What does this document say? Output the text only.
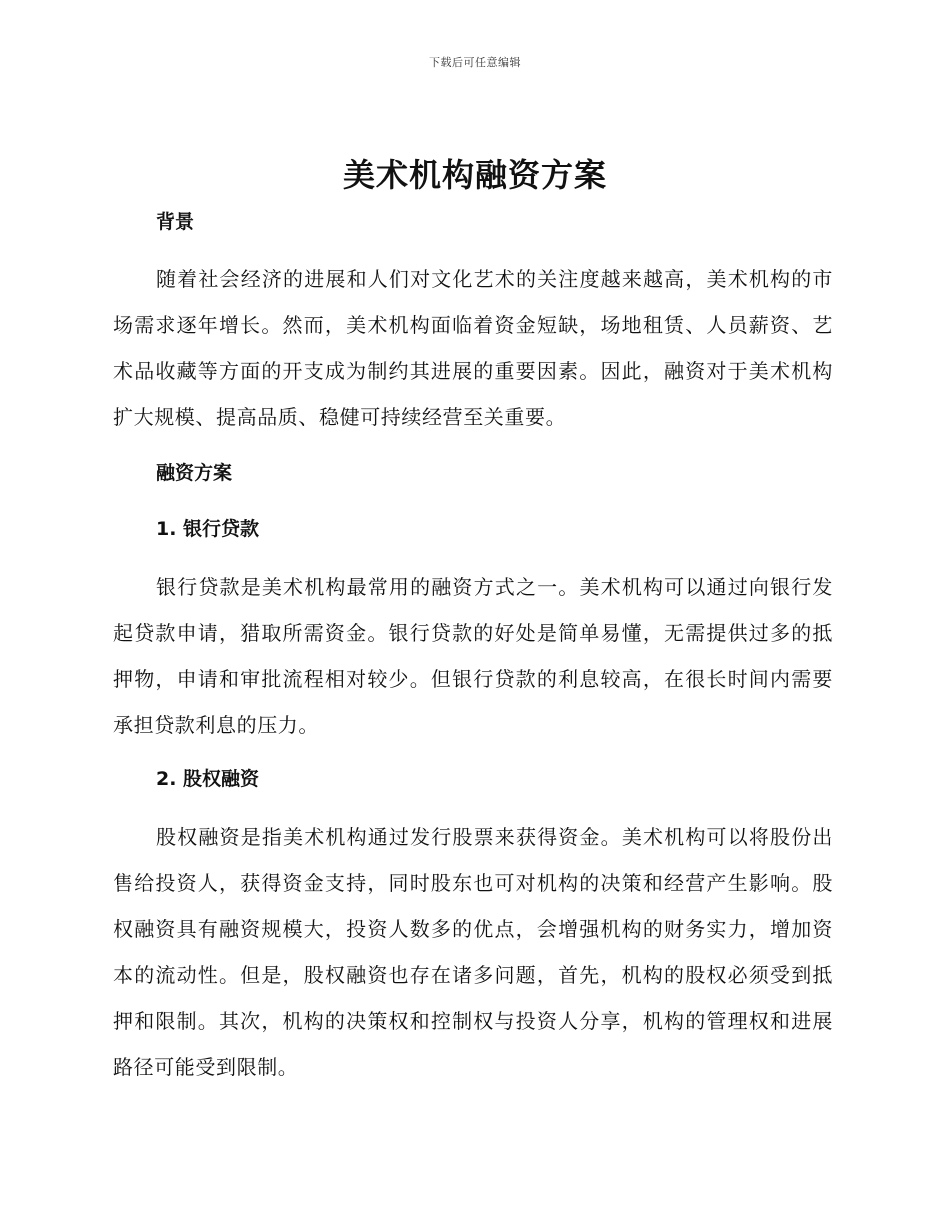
下载后可任意编辑
美术机构融资方案
背景
随着社会经济的进展和人们对文化艺术的关注度越来越高，美术机构的市场需求逐年增长。然而，美术机构面临着资金短缺，场地租赁、人员薪资、艺术品收藏等方面的开支成为制约其进展的重要因素。因此，融资对于美术机构扩大规模、提高品质、稳健可持续经营至关重要。
融资方案
1. 银行贷款
银行贷款是美术机构最常用的融资方式之一。美术机构可以通过向银行发起贷款申请，猎取所需资金。银行贷款的好处是简单易懂，无需提供过多的抵押物，申请和审批流程相对较少。但银行贷款的利息较高，在很长时间内需要承担贷款利息的压力。
2. 股权融资
股权融资是指美术机构通过发行股票来获得资金。美术机构可以将股份出售给投资人，获得资金支持，同时股东也可对机构的决策和经营产生影响。股权融资具有融资规模大，投资人数多的优点，会增强机构的财务实力，增加资本的流动性。但是，股权融资也存在诸多问题，首先，机构的股权必须受到抵押和限制。其次，机构的决策权和控制权与投资人分享，机构的管理权和进展路径可能受到限制。
